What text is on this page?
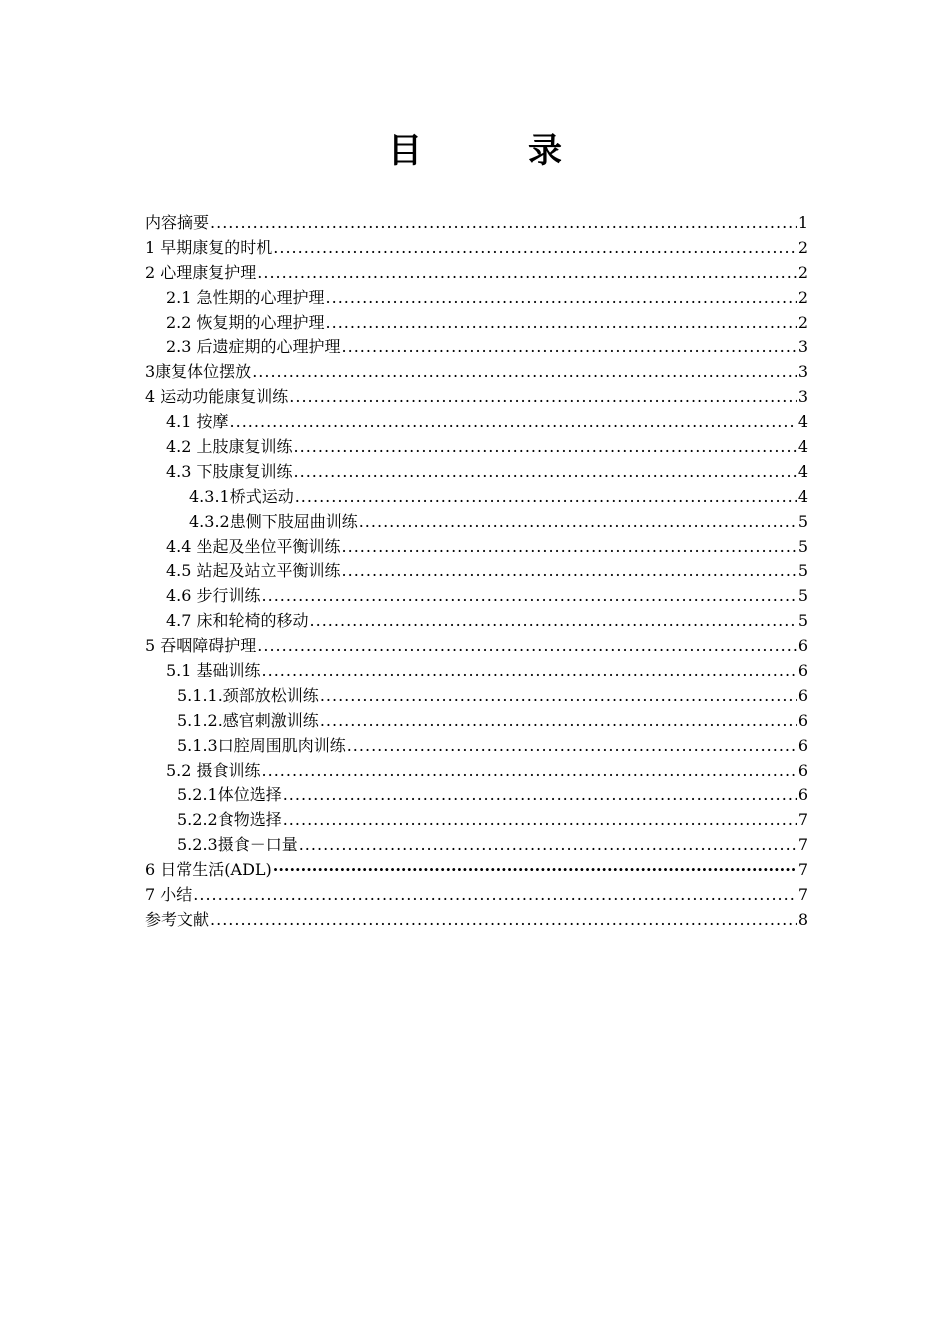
目　录
内容摘要 .....	1
1 早期康复的时机 .....	2
2 心理康复护理 .....	2
2.1 急性期的心理护理 .....	2
2.2 恢复期的心理护理 .....	2
2.3 后遗症期的心理护理 .....	3
3康复体位摆放 .....	3
4 运动功能康复训练 .....	3
4.1 按摩 .....	4
4.2 上肢康复训练 .....	4
4.3 下肢康复训练 .....	4
4.3.1桥式运动 .....	4
4.3.2患侧下肢屈曲训练 .....	5
4.4 坐起及坐位平衡训练 .....	5
4.5 站起及站立平衡训练 .....	5
4.6 步行训练 .....	5
4.7 床和轮椅的移动 .....	5
5 吞咽障碍护理 .....	6
5.1 基础训练 .....	6
5.1.1.颈部放松训练 .....	6
5.1.2.感官刺激训练 .....	6
5.1.3口腔周围肌肉训练 .....	6
5.2 摄食训练 .....	6
5.2.1体位选择 .....	6
5.2.2食物选择 .....	7
5.2.3摄食－口量 .....	7
6 日常生活(ADL) ·····	7
7 小结 .....	7
参考文献 .....	8
